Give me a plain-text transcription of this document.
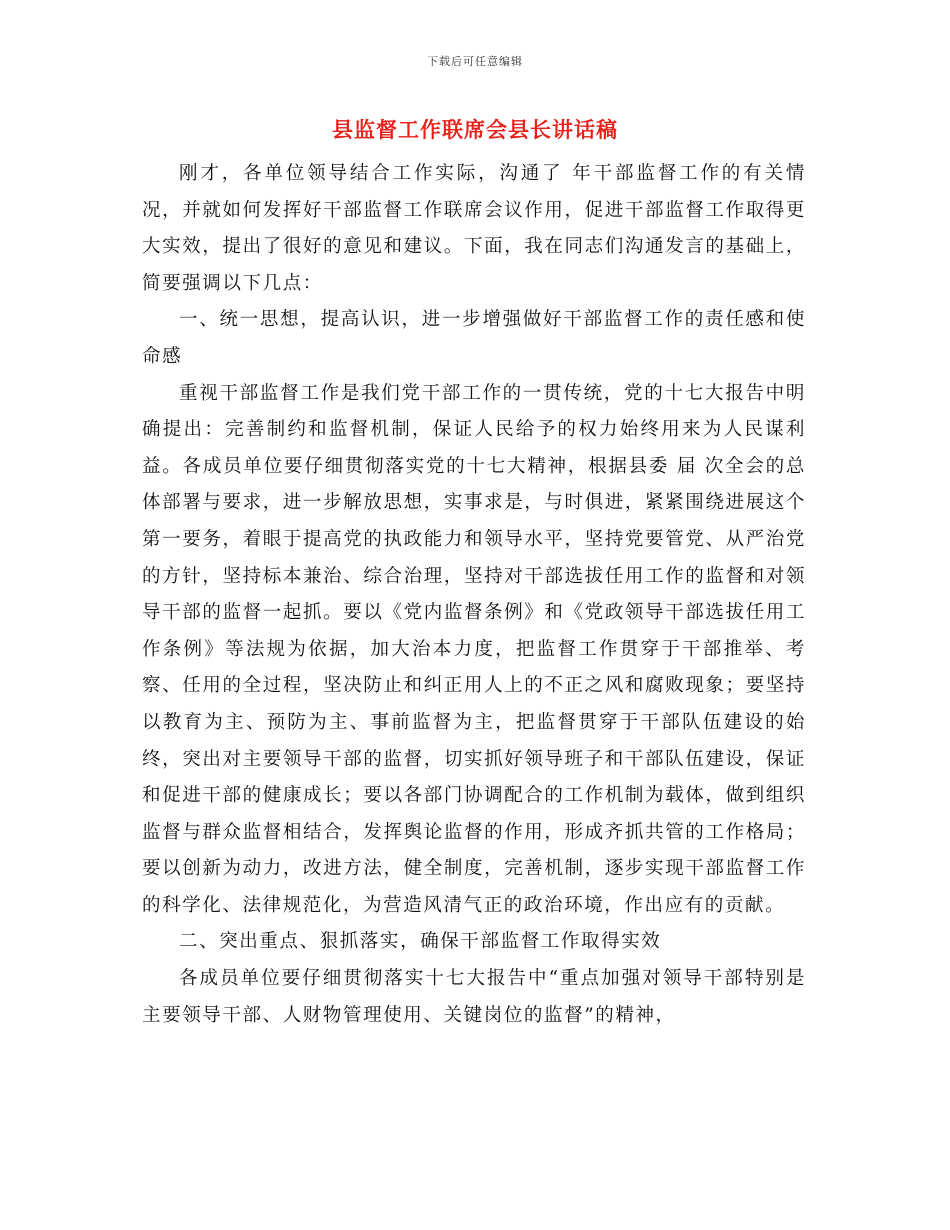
下载后可任意编辑
县监督工作联席会县长讲话稿

刚才，各单位领导结合工作实际，沟通了 年干部监督工作的有关情况，并就如何发挥好干部监督工作联席会议作用，促进干部监督工作取得更大实效，提出了很好的意见和建议。下面，我在同志们沟通发言的基础上，简要强调以下几点：

一、统一思想，提高认识，进一步增强做好干部监督工作的责任感和使命感

重视干部监督工作是我们党干部工作的一贯传统，党的十七大报告中明确提出：完善制约和监督机制，保证人民给予的权力始终用来为人民谋利益。各成员单位要仔细贯彻落实党的十七大精神，根据县委 届 次全会的总体部署与要求，进一步解放思想，实事求是，与时俱进，紧紧围绕进展这个第一要务，着眼于提高党的执政能力和领导水平，坚持党要管党、从严治党的方针，坚持标本兼治、综合治理，坚持对干部选拔任用工作的监督和对领导干部的监督一起抓。要以《党内监督条例》和《党政领导干部选拔任用工作条例》等法规为依据，加大治本力度，把监督工作贯穿于干部推举、考察、任用的全过程，坚决防止和纠正用人上的不正之风和腐败现象；要坚持以教育为主、预防为主、事前监督为主，把监督贯穿于干部队伍建设的始终，突出对主要领导干部的监督，切实抓好领导班子和干部队伍建设，保证和促进干部的健康成长；要以各部门协调配合的工作机制为载体，做到组织监督与群众监督相结合，发挥舆论监督的作用，形成齐抓共管的工作格局；要以创新为动力，改进方法，健全制度，完善机制，逐步实现干部监督工作的科学化、法律规范化，为营造风清气正的政治环境，作出应有的贡献。

二、突出重点、狠抓落实，确保干部监督工作取得实效

各成员单位要仔细贯彻落实十七大报告中“重点加强对领导干部特别是主要领导干部、人财物管理使用、关键岗位的监督”的精神，
